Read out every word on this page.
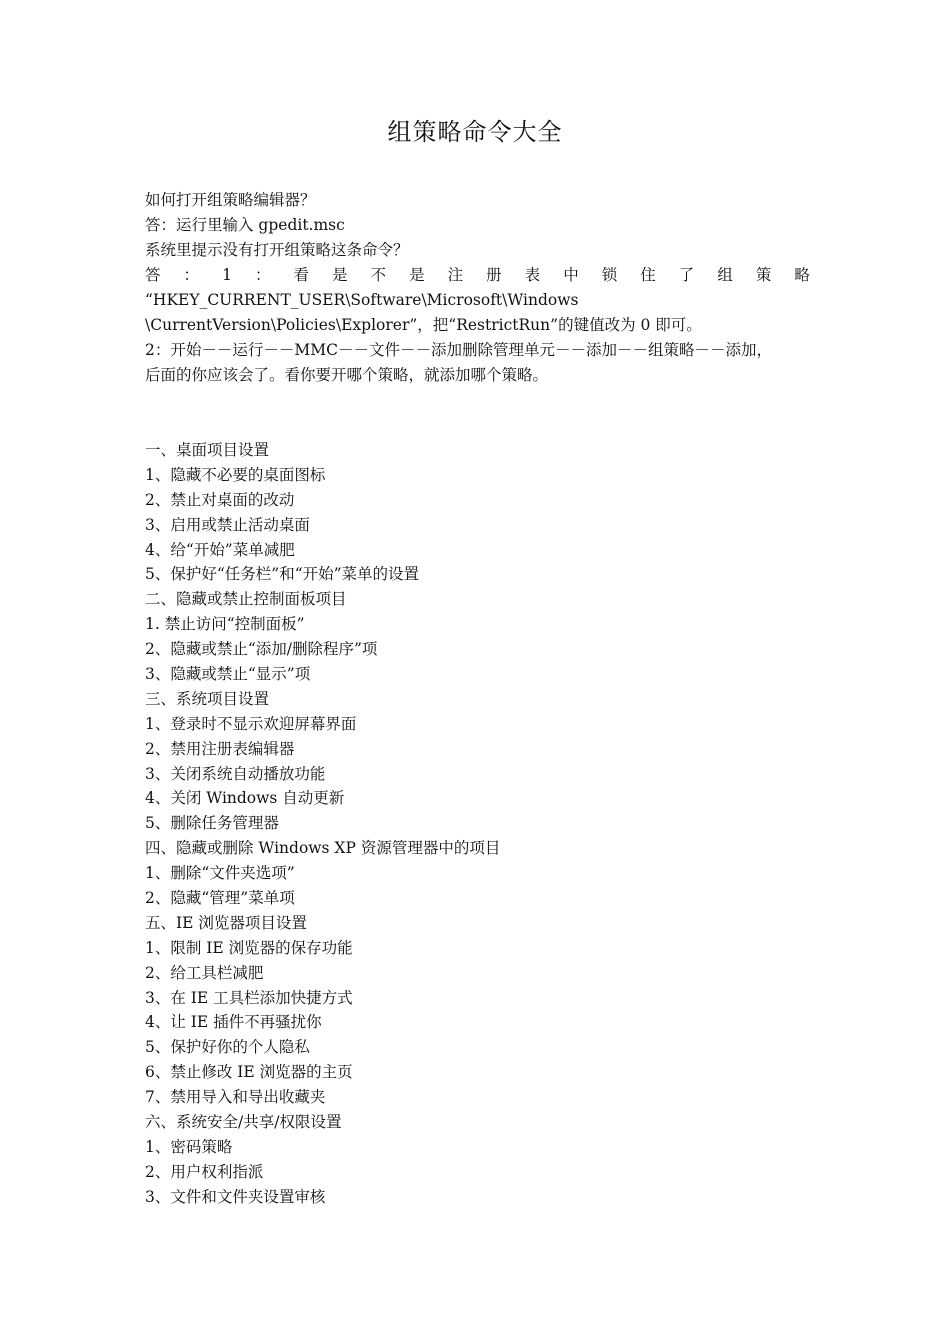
组策略命令大全
如何打开组策略编辑器？
答：运行里输入 gpedit.msc
系统里提示没有打开组策略这条命令？
答 ： 1 ： 看 是 不 是 注 册 表 中 锁 住 了 组 策 略
“HKEY_CURRENT_USER\Software\Microsoft\Windows
\CurrentVersion\Policies\Explorer”，把“RestrictRun”的键值改为 0 即可。
2：开始－－运行－－MMC－－文件－－添加删除管理单元－－添加－－组策略－－添加，
后面的你应该会了。看你要开哪个策略，就添加哪个策略。
一、桌面项目设置
1、隐藏不必要的桌面图标
2、禁止对桌面的改动
3、启用或禁止活动桌面
4、给“开始”菜单减肥
5、保护好“任务栏”和“开始”菜单的设置
二、隐藏或禁止控制面板项目
1. 禁止访问“控制面板”
2、隐藏或禁止“添加/删除程序”项
3、隐藏或禁止“显示”项
三、系统项目设置
1、登录时不显示欢迎屏幕界面
2、禁用注册表编辑器
3、关闭系统自动播放功能
4、关闭 Windows 自动更新
5、删除任务管理器
四、隐藏或删除 Windows XP 资源管理器中的项目
1、删除“文件夹选项”
2、隐藏“管理”菜单项
五、IE 浏览器项目设置
1、限制 IE 浏览器的保存功能
2、给工具栏减肥
3、在 IE 工具栏添加快捷方式
4、让 IE 插件不再骚扰你
5、保护好你的个人隐私
6、禁止修改 IE 浏览器的主页
7、禁用导入和导出收藏夹
六、系统安全/共享/权限设置
1、密码策略
2、用户权利指派
3、文件和文件夹设置审核
